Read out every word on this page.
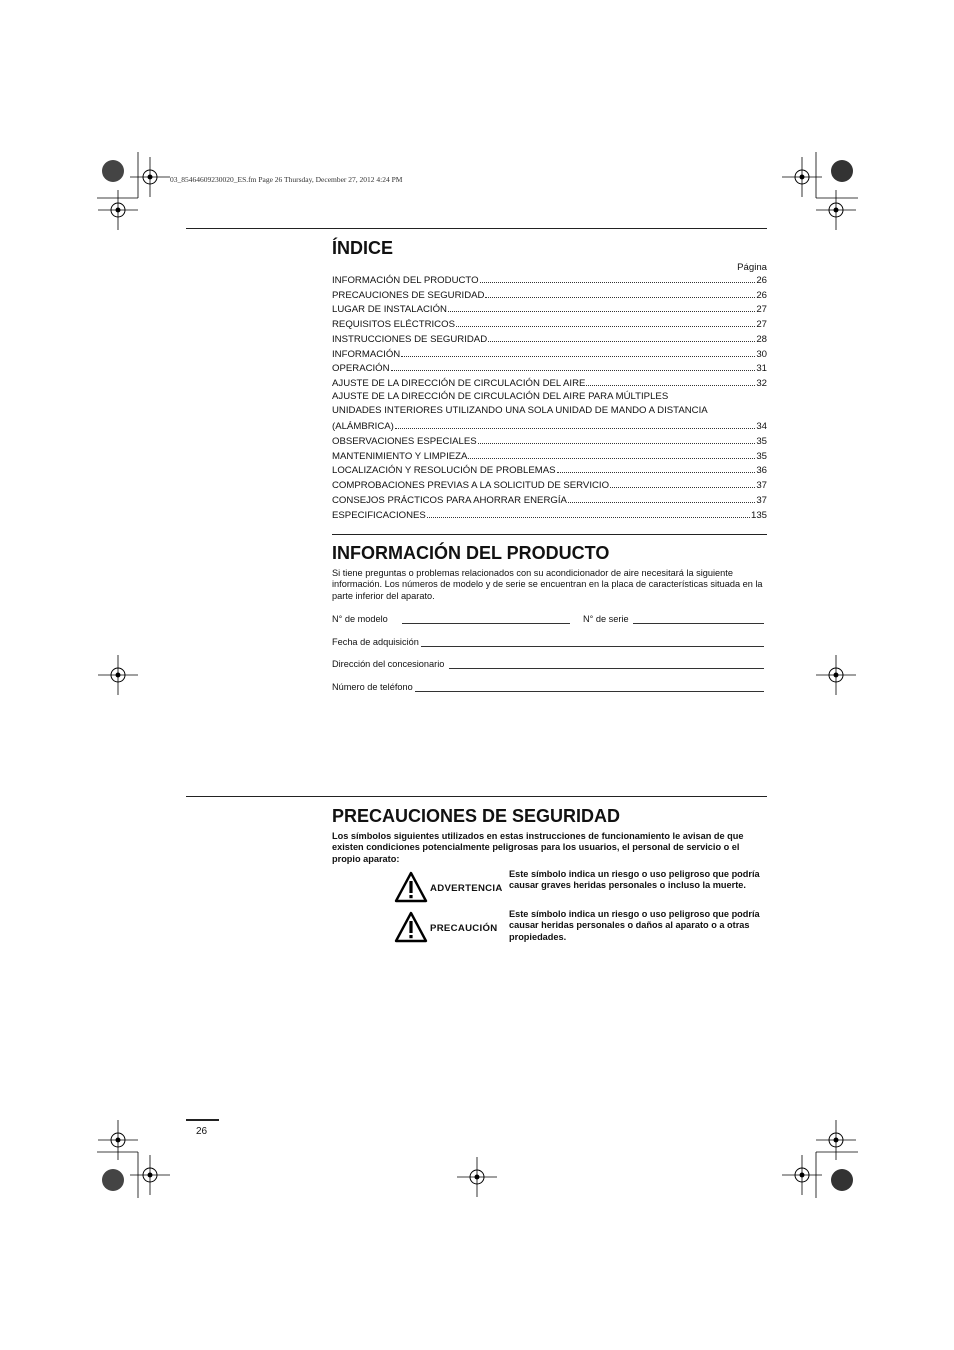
03_85464609230020_ES.fm Page 26 Thursday, December 27, 2012 4:24 PM
ÍNDICE
Página
INFORMACIÓN DEL PRODUCTO	26
PRECAUCIONES DE SEGURIDAD	26
LUGAR DE INSTALACIÓN	27
REQUISITOS ELÉCTRICOS	27
INSTRUCCIONES DE SEGURIDAD	28
INFORMACIÓN	30
OPERACIÓN	31
AJUSTE DE LA DIRECCIÓN DE CIRCULACIÓN DEL AIRE	32
AJUSTE DE LA DIRECCIÓN DE CIRCULACIÓN DEL AIRE PARA MÚLTIPLES
UNIDADES INTERIORES UTILIZANDO UNA SOLA UNIDAD DE MANDO A DISTANCIA
(ALÁMBRICA)	34
OBSERVACIONES ESPECIALES	35
MANTENIMIENTO Y LIMPIEZA	35
LOCALIZACIÓN Y RESOLUCIÓN DE PROBLEMAS	36
COMPROBACIONES PREVIAS A LA SOLICITUD DE SERVICIO	37
CONSEJOS PRÁCTICOS PARA AHORRAR ENERGÍA	37
ESPECIFICACIONES	135
INFORMACIÓN DEL PRODUCTO
Si tiene preguntas o problemas relacionados con su acondicionador de aire necesitará la siguiente información. Los números de modelo y de serie se encuentran en la placa de características situada en la parte inferior del aparato.
N° de modelo	N° de serie
Fecha de adquisición
Dirección del concesionario
Número de teléfono
PRECAUCIONES DE SEGURIDAD
Los símbolos siguientes utilizados en estas instrucciones de funcionamiento le avisan de que existen condiciones potencialmente peligrosas para los usuarios, el personal de servicio o el propio aparato:
ADVERTENCIA
Este símbolo indica un riesgo o uso peligroso que podría causar graves heridas personales o incluso la muerte.
PRECAUCIÓN
Este símbolo indica un riesgo o uso peligroso que podría causar heridas personales o daños al aparato o a otras propiedades.
26
